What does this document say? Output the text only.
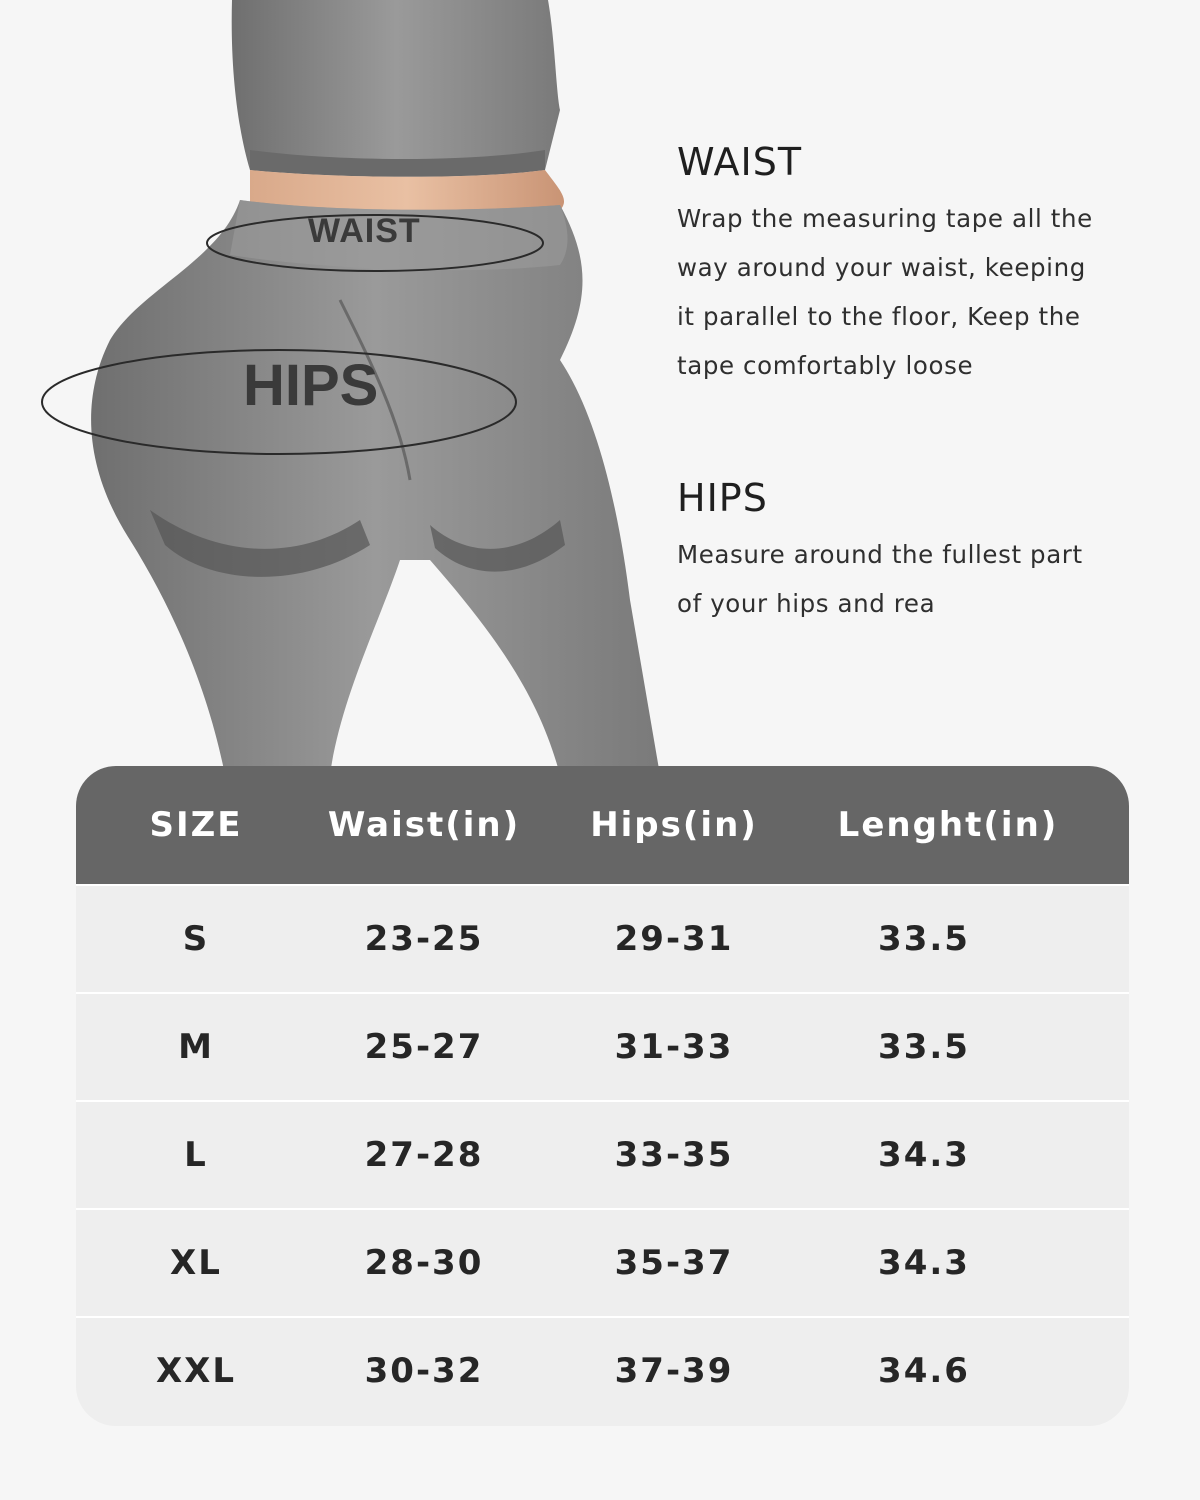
WAIST

HIPS

WAIST

Wrap the measuring tape all the
way around your waist, keeping
it parallel to the floor, Keep the
tape comfortably loose

HIPS

Measure around the fullest part
of your hips and rea

SIZE	Waist(in)	Hips(in)	Lenght(in)
S	23-25	29-31	33.5
M	25-27	31-33	33.5
L	27-28	33-35	34.3
XL	28-30	35-37	34.3
XXL	30-32	37-39	34.6
